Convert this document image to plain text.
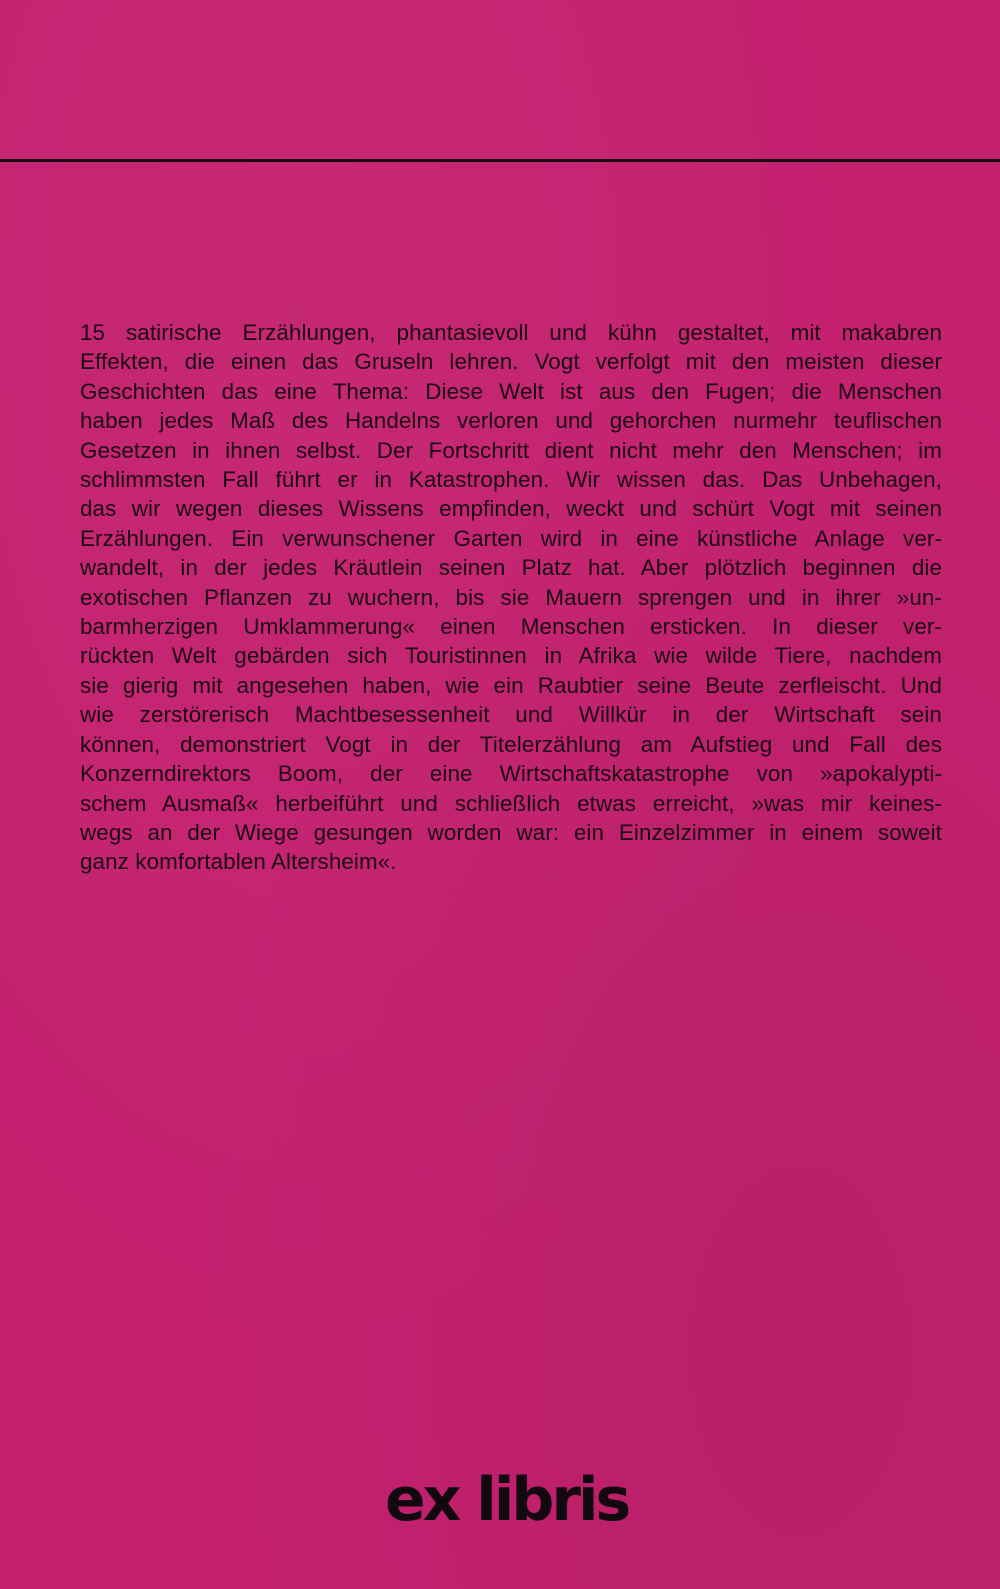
15 satirische Erzählungen, phantasievoll und kühn gestaltet, mit makabren
Effekten, die einen das Gruseln lehren. Vogt verfolgt mit den meisten dieser
Geschichten das eine Thema: Diese Welt ist aus den Fugen; die Menschen
haben jedes Maß des Handelns verloren und gehorchen nurmehr teuflischen
Gesetzen in ihnen selbst. Der Fortschritt dient nicht mehr den Menschen; im
schlimmsten Fall führt er in Katastrophen. Wir wissen das. Das Unbehagen,
das wir wegen dieses Wissens empfinden, weckt und schürt Vogt mit seinen
Erzählungen. Ein verwunschener Garten wird in eine künstliche Anlage ver-
wandelt, in der jedes Kräutlein seinen Platz hat. Aber plötzlich beginnen die
exotischen Pflanzen zu wuchern, bis sie Mauern sprengen und in ihrer »un-
barmherzigen Umklammerung« einen Menschen ersticken. In dieser ver-
rückten Welt gebärden sich Touristinnen in Afrika wie wilde Tiere, nachdem
sie gierig mit angesehen haben, wie ein Raubtier seine Beute zerfleischt. Und
wie zerstörerisch Machtbesessenheit und Willkür in der Wirtschaft sein
können, demonstriert Vogt in der Titelerzählung am Aufstieg und Fall des
Konzerndirektors Boom, der eine Wirtschaftskatastrophe von »apokalypti-
schem Ausmaß« herbeiführt und schließlich etwas erreicht, »was mir keines-
wegs an der Wiege gesungen worden war: ein Einzelzimmer in einem soweit
ganz komfortablen Altersheim«.

ex libris
